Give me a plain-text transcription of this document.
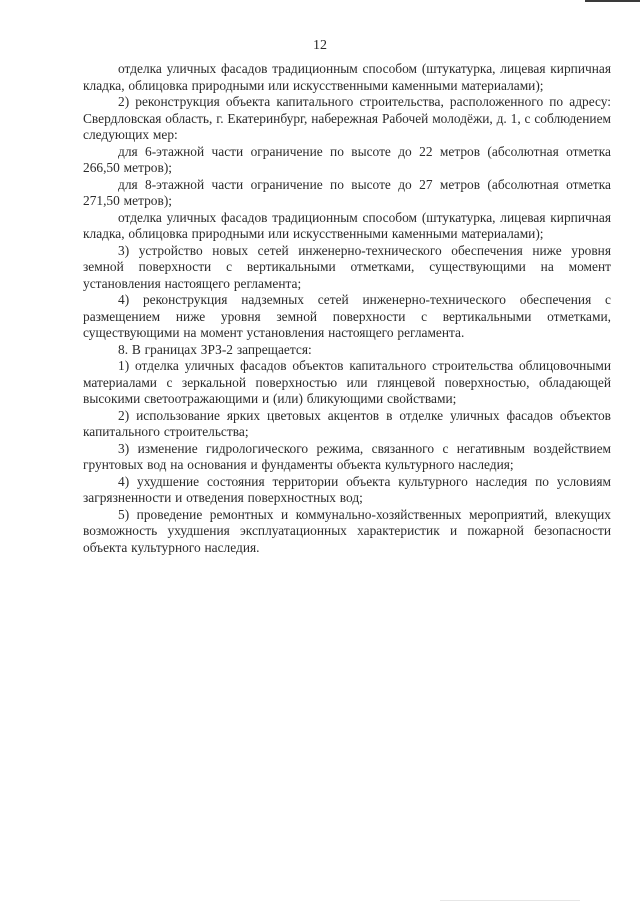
12

отделка уличных фасадов традиционным способом (штукатурка, лицевая кирпичная кладка, облицовка природными или искусственными каменными материалами);

2) реконструкция объекта капитального строительства, расположенного по адресу: Свердловская область, г. Екатеринбург, набережная Рабочей молодёжи, д. 1, с соблюдением следующих мер:

для 6-этажной части ограничение по высоте до 22 метров (абсолютная отметка 266,50 метров);

для 8-этажной части ограничение по высоте до 27 метров (абсолютная отметка 271,50 метров);

отделка уличных фасадов традиционным способом (штукатурка, лицевая кирпичная кладка, облицовка природными или искусственными каменными материалами);

3) устройство новых сетей инженерно-технического обеспечения ниже уровня земной поверхности с вертикальными отметками, существующими на момент установления настоящего регламента;

4) реконструкция надземных сетей инженерно-технического обеспечения с размещением ниже уровня земной поверхности с вертикальными отметками, существующими на момент установления настоящего регламента.

8. В границах ЗРЗ-2 запрещается:

1) отделка уличных фасадов объектов капитального строительства облицовочными материалами с зеркальной поверхностью или глянцевой поверхностью, обладающей высокими светоотражающими и (или) бликующими свойствами;

2) использование ярких цветовых акцентов в отделке уличных фасадов объектов капитального строительства;

3) изменение гидрологического режима, связанного с негативным воздействием грунтовых вод на основания и фундаменты объекта культурного наследия;

4) ухудшение состояния территории объекта культурного наследия по условиям загрязненности и отведения поверхностных вод;

5) проведение ремонтных и коммунально-хозяйственных мероприятий, влекущих возможность ухудшения эксплуатационных характеристик и пожарной безопасности объекта культурного наследия.
